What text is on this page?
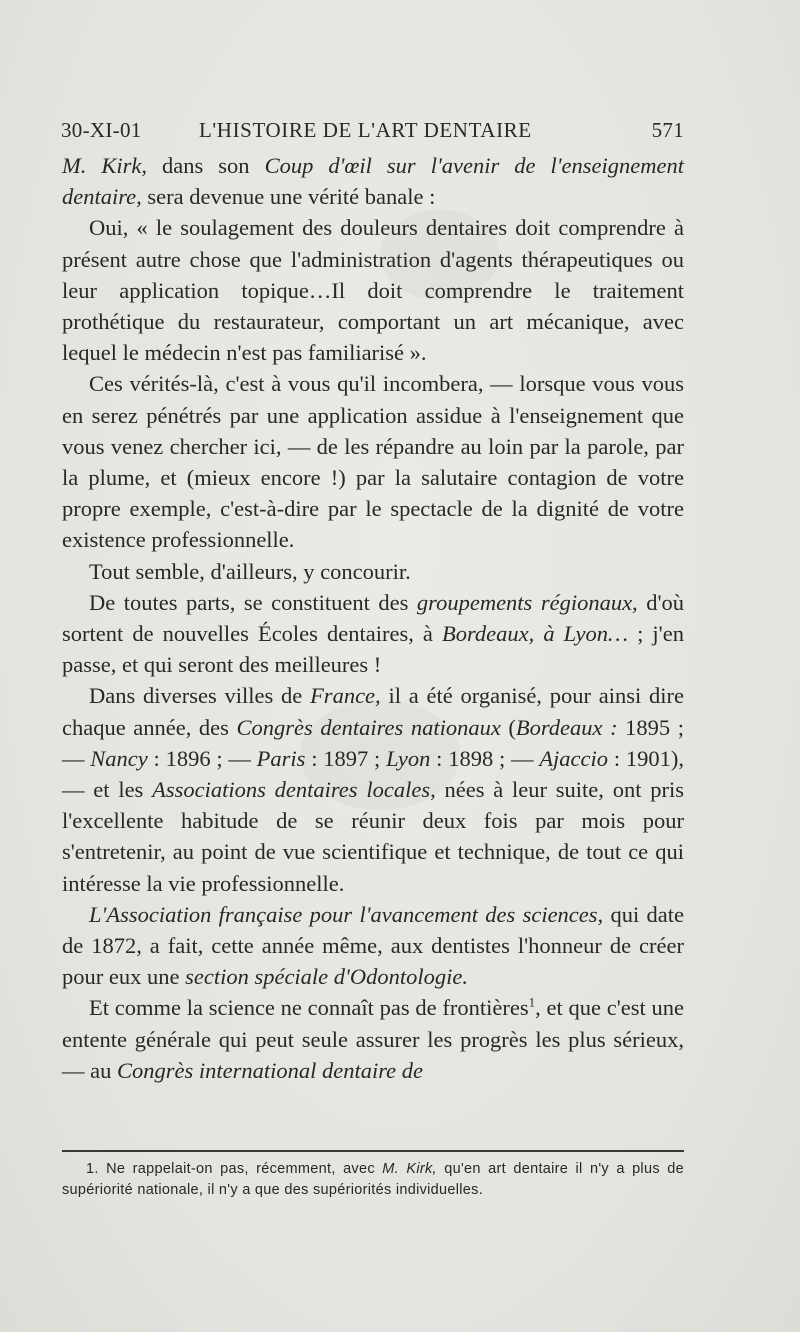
30-XI-01	L'HISTOIRE DE L'ART DENTAIRE	571

M. Kirk, dans son Coup d'œil sur l'avenir de l'enseignement dentaire, sera devenue une vérité banale :

Oui, « le soulagement des douleurs dentaires doit comprendre à présent autre chose que l'administration d'agents thérapeutiques ou leur application topique…Il doit comprendre le traitement prothétique du restaurateur, comportant un art mécanique, avec lequel le médecin n'est pas familiarisé ».

Ces vérités-là, c'est à vous qu'il incombera, — lorsque vous vous en serez pénétrés par une application assidue à l'enseignement que vous venez chercher ici, — de les répandre au loin par la parole, par la plume, et (mieux encore !) par la salutaire contagion de votre propre exemple, c'est-à-dire par le spectacle de la dignité de votre existence professionnelle.

Tout semble, d'ailleurs, y concourir.

De toutes parts, se constituent des groupements régionaux, d'où sortent de nouvelles Écoles dentaires, à Bordeaux, à Lyon… ; j'en passe, et qui seront des meilleures !

Dans diverses villes de France, il a été organisé, pour ainsi dire chaque année, des Congrès dentaires nationaux (Bordeaux : 1895 ; — Nancy : 1896 ; — Paris : 1897 ; Lyon : 1898 ; — Ajaccio : 1901), — et les Associations dentaires locales, nées à leur suite, ont pris l'excellente habitude de se réunir deux fois par mois pour s'entretenir, au point de vue scientifique et technique, de tout ce qui intéresse la vie professionnelle.

L'Association française pour l'avancement des sciences, qui date de 1872, a fait, cette année même, aux dentistes l'honneur de créer pour eux une section spéciale d'Odontologie.

Et comme la science ne connaît pas de frontières$^1$, et que c'est une entente générale qui peut seule assurer les progrès les plus sérieux, — au Congrès international dentaire de

1. Ne rappelait-on pas, récemment, avec M. Kirk, qu'en art dentaire il n'y a plus de supériorité nationale, il n'y a que des supériorités individuelles.
